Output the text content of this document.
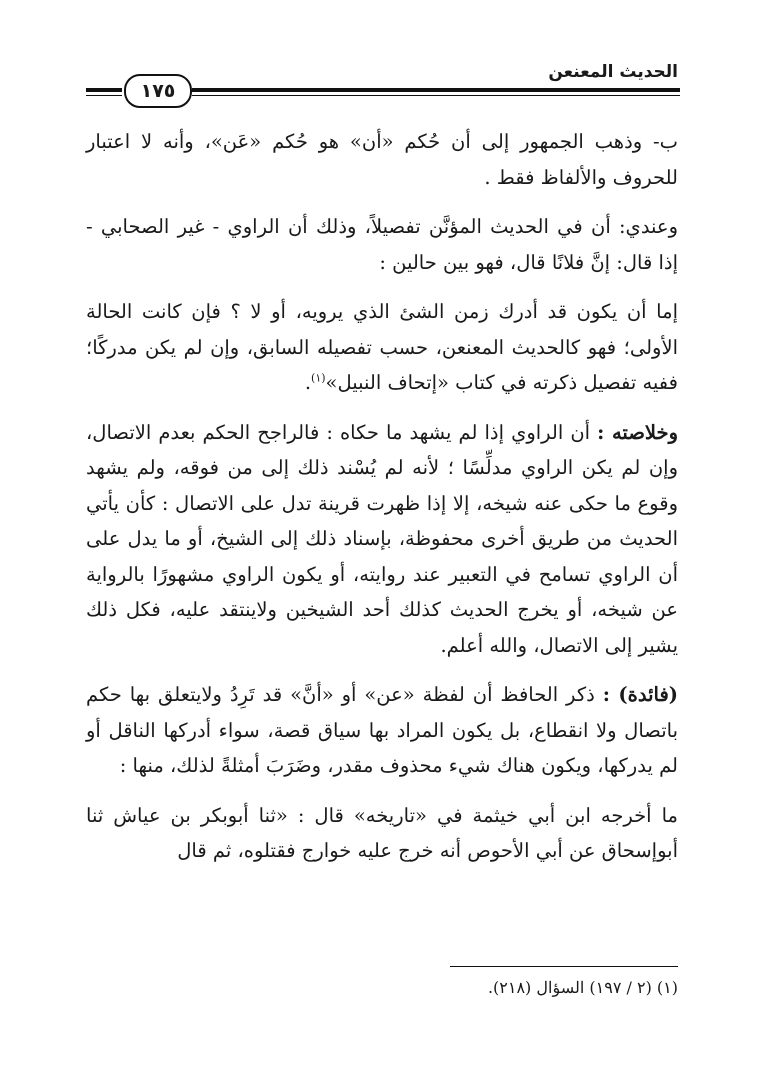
الحديث المعنعن
١٧٥

ب- وذهب الجمهور إلى أن حُكم «أن» هو حُكم «عَن»، وأنه لا اعتبار للحروف والألفاظ فقط .

وعندي: أن في الحديث المؤنَّن تفصيلاً، وذلك أن الراوي - غير الصحابي - إذا قال: إنَّ فلانًا قال، فهو بين حالين :

إما أن يكون قد أدرك زمن الشئ الذي يرويه، أو لا ؟ فإن كانت الحالة الأولى؛ فهو كالحديث المعنعن، حسب تفصيله السابق، وإن لم يكن مدركًا؛ ففيه تفصيل ذكرته في كتاب «إتحاف النبيل»$^{(١)}$.

وخلاصته : أن الراوي إذا لم يشهد ما حكاه : فالراجح الحكم بعدم الاتصال، وإن لم يكن الراوي مدلِّسًا ؛ لأنه لم يُسْند ذلك إلى من فوقه، ولم يشهد وقوع ما حكى عنه شيخه، إلا إذا ظهرت قرينة تدل على الاتصال : كأن يأتي الحديث من طريق أخرى محفوظة، بإسناد ذلك إلى الشيخ، أو ما يدل على أن الراوي تسامح في التعبير عند روايته، أو يكون الراوي مشهورًا بالرواية عن شيخه، أو يخرج الحديث كذلك أحد الشيخين ولاينتقد عليه، فكل ذلك يشير إلى الاتصال، والله أعلم.

(فائدة) : ذكر الحافظ أن لفظة «عن» أو «أنَّ» قد تَرِدُ ولايتعلق بها حكم باتصال ولا انقطاع، بل يكون المراد بها سياق قصة، سواء أدركها الناقل أو لم يدركها، ويكون هناك شيء محذوف مقدر، وضَرَبَ أمثلةً لذلك، منها :

ما أخرجه ابن أبي خيثمة في «تاريخه» قال : «ثنا أبوبكر بن عياش ثنا أبوإسحاق عن أبي الأحوص أنه خرج عليه خوارج فقتلوه، ثم قال

(١) (٢ / ١٩٧) السؤال (٢١٨).
